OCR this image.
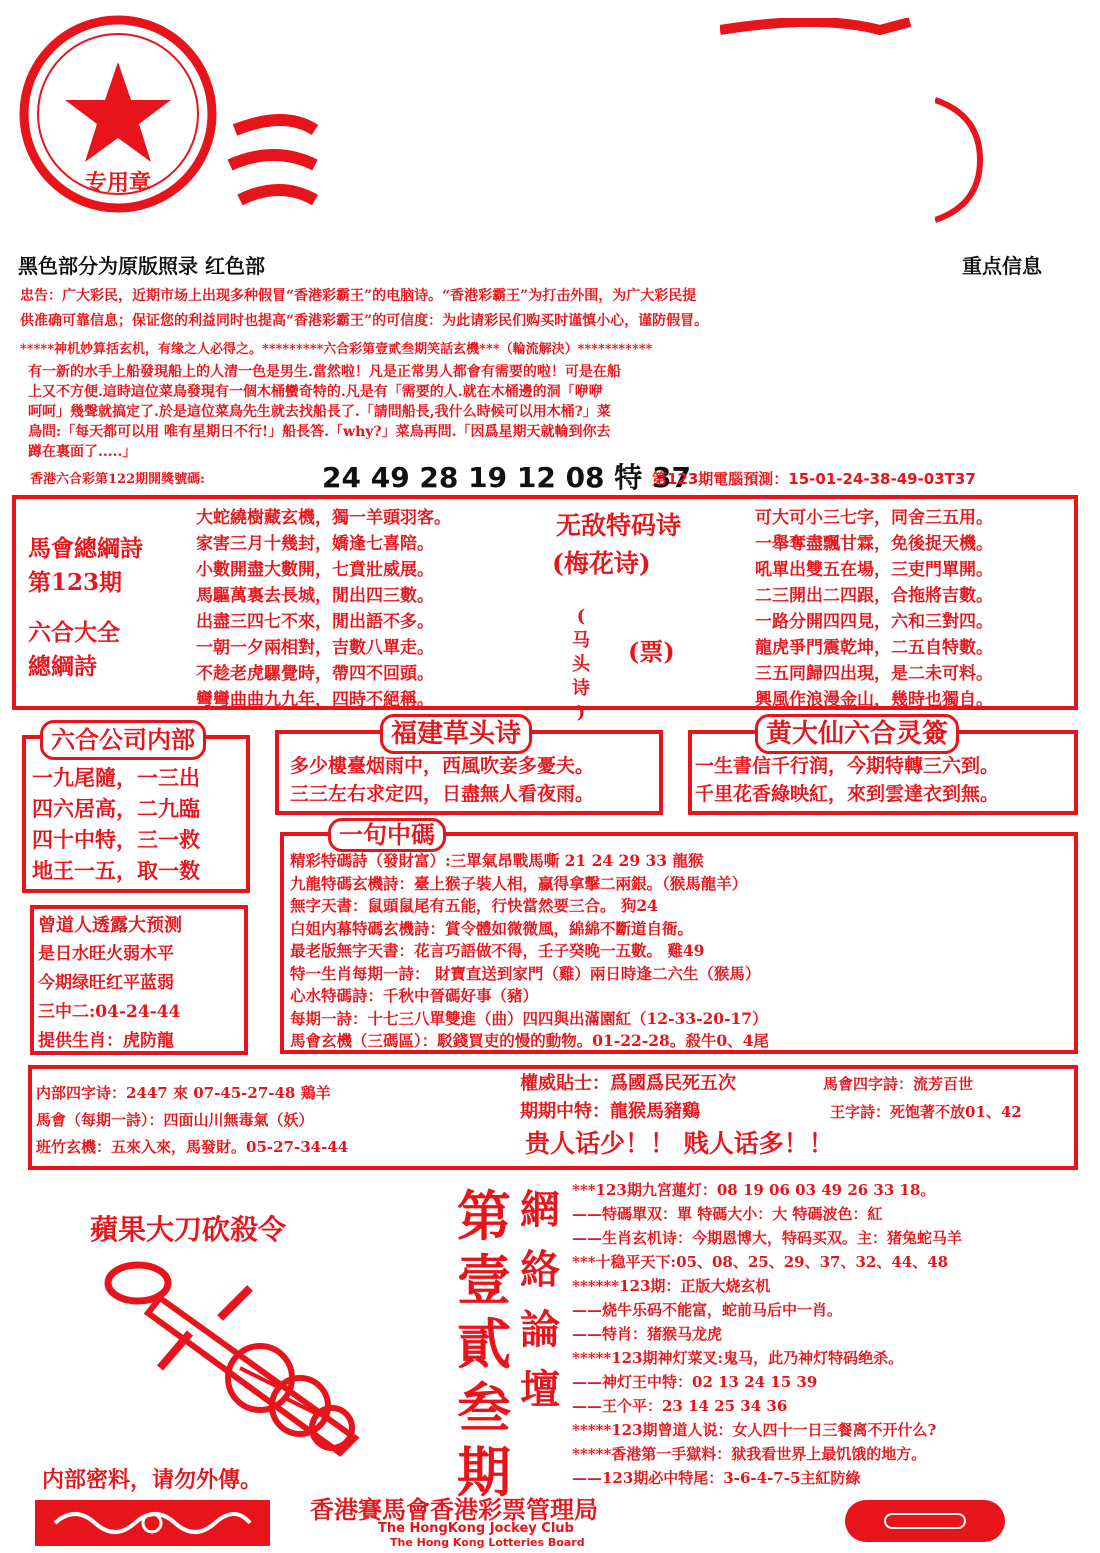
专用章
黑色部分为原版照录 红色部	重点信息
忠告：广大彩民，近期市场上出现多种假冒“香港彩霸王”的电脑诗。“香港彩霸王”为打击外围，为广大彩民提
供准确可靠信息；保证您的利益同时也提高“香港彩霸王”的可信度：为此请彩民们购买时谨慎小心，谨防假冒。
*****神机妙算括玄机，有缘之人必得之。*********六合彩第壹贰叁期笑話玄機***（輪流解決）***********
有一新的水手上船發現船上的人清一色是男生.當然啦！凡是正常男人都會有需要的啦！可是在船
上又不方便.這時這位菜鳥發現有一個木桶蠻奇特的.凡是有「需要的人.就在木桶邊的洞「咿咿
呵呵」幾聲就搞定了.於是這位菜鳥先生就去找船長了.「請問船長,我什么時候可以用木桶?」菜
鳥問:「每天都可以用 唯有星期日不行!」船長答.「why?」菜鳥再問.「因爲星期天就輪到你去
蹲在裏面了.....」
香港六合彩第122期開獎號碼:	24 49 28 19 12 08 特 37
第123期電腦預測：15-01-24-38-49-03T37
馬會總綱詩
第123期
六合大全
總綱詩
大蛇繞樹藏玄機，獨一羊頭羽客。
家害三月十幾封，嬌逢七喜陪。
小數開盡大數開，七賁壯威展。
馬驅萬裏去長城，閒出四三數。
出盡三四七不來，閒出語不多。
一朝一夕兩相對，吉數八單走。
不趁老虎騾覺時，帶四不回頭。
彎彎曲曲九九年，四時不絕稱。
无敌特码诗
(梅花诗)
(
马
头
诗
)
(票)
可大可小三七字，同舍三五用。
一舉奪盡飄甘霖，免後捉天機。
吼單出雙五在場，三吏門單開。
二三開出二四跟，合拖將吉數。
一路分開四四見，六和三對四。
龍虎爭門震乾坤，二五自特數。
三五同歸四出現，是二未可料。
興風作浪漫金山，幾時也獨自。
六合公司内部
一九尾隨，一三出
四六居高，二九臨
四十中特，三一救
地王一五，取一数
福建草头诗
多少樓臺烟雨中，西風吹妾多憂夫。
三三左右求定四，日盡無人看夜雨。
黄大仙六合灵簽
一生書信千行润，今期特轉三六到。
千里花香綠映紅，來到雲達衣到無。
曾道人透露大预测
是日水旺火弱木平
今期绿旺红平蓝弱
三中二:04-24-44
提供生肖：虎防龍
一句中碼
精彩特碼詩（發財富）:三單氣昂戰馬嘶 21 24 29 33 龍猴
九龍特碼玄機詩：臺上猴子裝人相，贏得拿擊二兩銀。（猴馬龍羊）
無字天書：鼠頭鼠尾有五能，行快當然要三合。 狗24
白姐内幕特碼玄機詩：賞令體如微微風，綿綿不斷道自衙。
最老版無字天書：花言巧語做不得，壬子癸晚一五數。 雞49
特一生肖每期一詩： 財寶直送到家門（雞）兩日時逢二六生（猴馬）
心水特碼詩：千秋中晉碼好事（豬）
每期一詩：十七三八單雙進（曲）四四與出滿園紅（12-33-20-17）
馬會玄機（三碼區）：駁錢買吏的慢的動物。01-22-28。殺牛0、4尾
内部四字诗：2447 來 07-45-27-48 鶏羊
馬會（每期一詩）：四面山川無毒氣（妖）
班竹玄機：五來入來，馬發財。05-27-34-44
權威貼士：爲國爲民死五次	馬會四字詩：流芳百世
期期中特：龍猴馬豬鷄	王字詩：死饱著不放01、42
贵人话少！！ 贱人话多！！
蘋果大刀砍殺令
内部密料，请勿外傳。
第
壹
貳
叁
期
網
絡
論
壇
***123期九宮蓮灯：08 19 06 03 49 26 33 18。
——特碼單双：單 特碼大小：大 特碼波色：紅
——生肖玄机诗：今期恩博大，特码买双。主：猪兔蛇马羊
***十稳平天下:05、08、25、29、37、32、44、48
******123期：正版大烧玄机
——烧牛乐码不能富，蛇前马后中一肖。
——特肖：猪猴马龙虎
*****123期神灯菜叉:鬼马，此乃神灯特码绝杀。
——神灯王中特：02 13 24 15 39
——王个平：23 14 25 34 36
*****123期曾道人说：女人四十一日三餐离不开什么?
*****香港第一手獄料：狱我看世界上最饥饿的地方。
——123期必中特尾：3-6-4-7-5主紅防綠
香港賽馬會香港彩票管理局
The HongKong Jockey Club
The Hong Kong Lotteries Board
